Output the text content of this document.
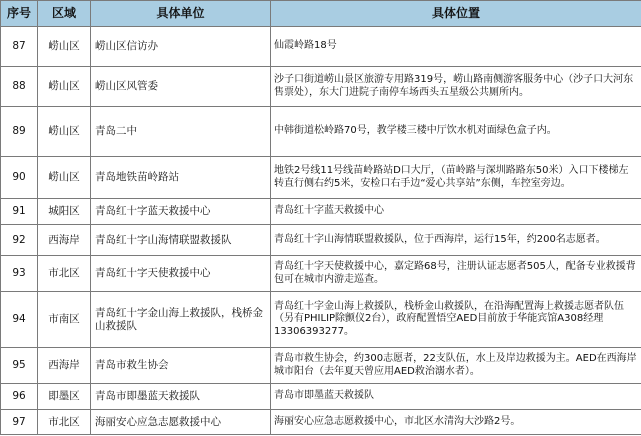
序号	区域	具体单位	具体位置
87	崂山区	崂山区信访办	仙霞岭路18号
88	崂山区	崂山区风管委	沙子口街道崂山景区旅游专用路319号，崂山路南侧游客服务中心（沙子口大河东售票处），东大门进院子南停车场西头五星级公共厕所内。
89	崂山区	青岛二中	中韩街道松岭路70号，教学楼三楼中厅饮水机对面绿色盒子内。
90	崂山区	青岛地铁苗岭路站	地铁2号线11号线苗岭路站D口大厅，（苗岭路与深圳路路东50米）入口下楼梯左转直行侧右约5米，安检口右手边“爱心共享站”东侧，车控室旁边。
91	城阳区	青岛红十字蓝天救援中心	青岛红十字蓝天救援中心
92	西海岸	青岛红十字山海情联盟救援队	青岛红十字山海情联盟救援队，位于西海岸，运行15年，约200名志愿者。
93	市北区	青岛红十字天使救援中心	青岛红十字天使救援中心，嘉定路68号，注册认证志愿者505人，配备专业救援背包可在城市内游走巡查。
94	市南区	青岛红十字金山海上救援队，栈桥金山救援队	青岛红十字金山海上救援队，栈桥金山救援队，在沿海配置海上救援志愿者队伍（另有PHILIP除颤仪2台），政府配置悟空AED目前放于华能宾馆A308经理13306393277。
95	西海岸	青岛市救生协会	青岛市救生协会，约300志愿者，22支队伍，水上及岸边救援为主。AED在西海岸城市阳台（去年夏天曾应用AED救治溺水者）。
96	即墨区	青岛市即墨蓝天救援队	青岛市即墨蓝天救援队
97	市北区	海丽安心应急志愿救援中心	海丽安心应急志愿救援中心，市北区水清沟大沙路2号。
